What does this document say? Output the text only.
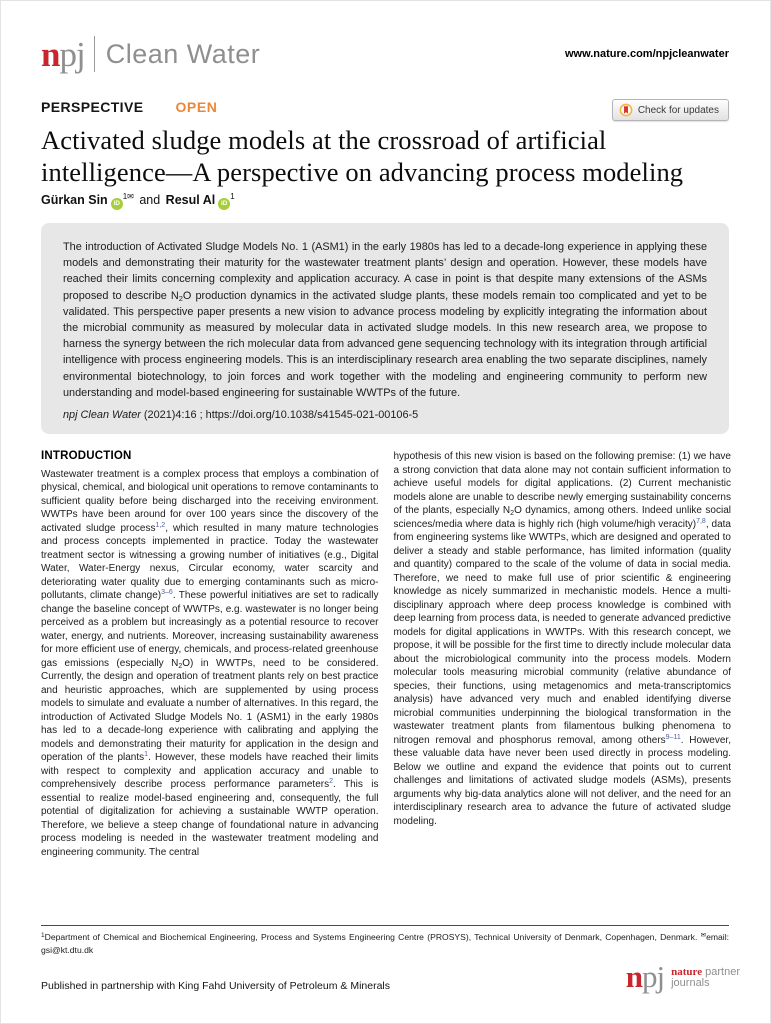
npj Clean Water	www.nature.com/npjcleanwater
PERSPECTIVE OPEN	Check for updates
Activated sludge models at the crossroad of artificial intelligence—A perspective on advancing process modeling
Gürkan Sin iD
$^{1✉}$ and Resul Al iD
$^1$

The introduction of Activated Sludge Models No. 1 (ASM1) in the early 1980s has led to a decade-long experience in applying these models and demonstrating their maturity for the wastewater treatment plants’ design and operation. However, these models have reached their limits concerning complexity and application accuracy. A case in point is that despite many extensions of the ASMs proposed to describe $N_2O$ production dynamics in the activated sludge plants, these models remain too complicated and yet to be validated. This perspective paper presents a new vision to advance process modeling by explicitly integrating the information about the microbial community as measured by molecular data in activated sludge models. In this new research area, we propose to harness the synergy between the rich molecular data from advanced gene sequencing technology with its integration through artificial intelligence with process engineering models. This is an interdisciplinary research area enabling the two separate disciplines, namely environmental biotechnology, to join forces and work together with the modeling and engineering community to perform new understanding and model-based engineering for sustainable WWTPs of the future.

npj Clean Water (2021)4:16 ; https://doi.org/10.1038/s41545-021-00106-5

INTRODUCTION

Wastewater treatment is a complex process that employs a combination of physical, chemical, and biological unit operations to remove contaminants to sufficient quality before being discharged into the receiving environment. WWTPs have been around for over 100 years since the discovery of the activated sludge process$^{1,2}$, which resulted in many mature technologies and process concepts implemented in practice. Today the wastewater treatment sector is witnessing a growing number of initiatives (e.g., Digital Water, Water-Energy nexus, Circular economy, water scarcity and deteriorating water quality due to emerging contaminants such as micro-pollutants, climate change)$^{3-6}$. These powerful initiatives are set to radically change the baseline concept of WWTPs, e.g. wastewater is no longer being perceived as a problem but increasingly as a potential resource to recover water, energy, and nutrients. Moreover, increasing sustainability awareness for more efficient use of energy, chemicals, and process-related greenhouse gas emissions (especially $N_2O$) in WWTPs, need to be considered. Currently, the design and operation of treatment plants rely on best practice and heuristic approaches, which are supplemented by using process models to simulate and evaluate a number of alternatives. In this regard, the introduction of Activated Sludge Models No. 1 (ASM1) in the early 1980s has led to a decade-long experience with calibrating and applying the models and demonstrating their maturity for application in the design and operation of the plants$^1$. However, these models have reached their limits with respect to complexity and application accuracy and unable to comprehensively describe process performance parameters$^2$. This is essential to realize model-based engineering and, consequently, the full potential of digitalization for achieving a sustainable WWTP operation. Therefore, we believe a steep change of foundational nature in advancing process modeling is needed in the wastewater treatment modeling and engineering community. The central

hypothesis of this new vision is based on the following premise: (1) we have a strong conviction that data alone may not contain sufficient information to achieve useful models for digital applications. (2) Current mechanistic models alone are unable to describe newly emerging sustainability concerns of the plants, especially $N_2O$ dynamics, among others. Indeed unlike social sciences/media where data is highly rich (high volume/high veracity)$^{7,8}$, data from engineering systems like WWTPs, which are designed and operated to deliver a steady and stable performance, has limited information (quality and quantity) compared to the scale of the volume of data in social media. Therefore, we need to make full use of prior scientific & engineering knowledge as nicely summarized in mechanistic models. Hence a multi-disciplinary approach where deep process knowledge is combined with deep learning from process data, is needed to generate advanced predictive models for digital applications in WWTPs. With this research concept, we propose, it will be possible for the first time to directly include molecular data about the microbiological community into the process models. Modern molecular tools measuring microbial community (relative abundance of species, their functions, using metagenomics and meta-transcriptomics analysis) have advanced very much and enabled identifying diverse microbial communities underpinning the biological transformation in the wastewater treatment plants from filamentous bulking phenomena to nitrogen removal and phosphorus removal, among others$^{9-11}$. However, these valuable data have never been used directly in process modeling. Below we outline and expand the evidence that points out to current challenges and limitations of activated sludge models (ASMs), presents arguments why big-data analytics alone will not deliver, and the need for an interdisciplinary research area to advance the future of activated sludge modeling.

$^1$Department of Chemical and Biochemical Engineering, Process and Systems Engineering Centre (PROSYS), Technical University of Denmark, Copenhagen, Denmark. ✉email: gsi@kt.dtu.dk
Published in partnership with King Fahd University of Petroleum & Minerals	npj nature partner
journals
